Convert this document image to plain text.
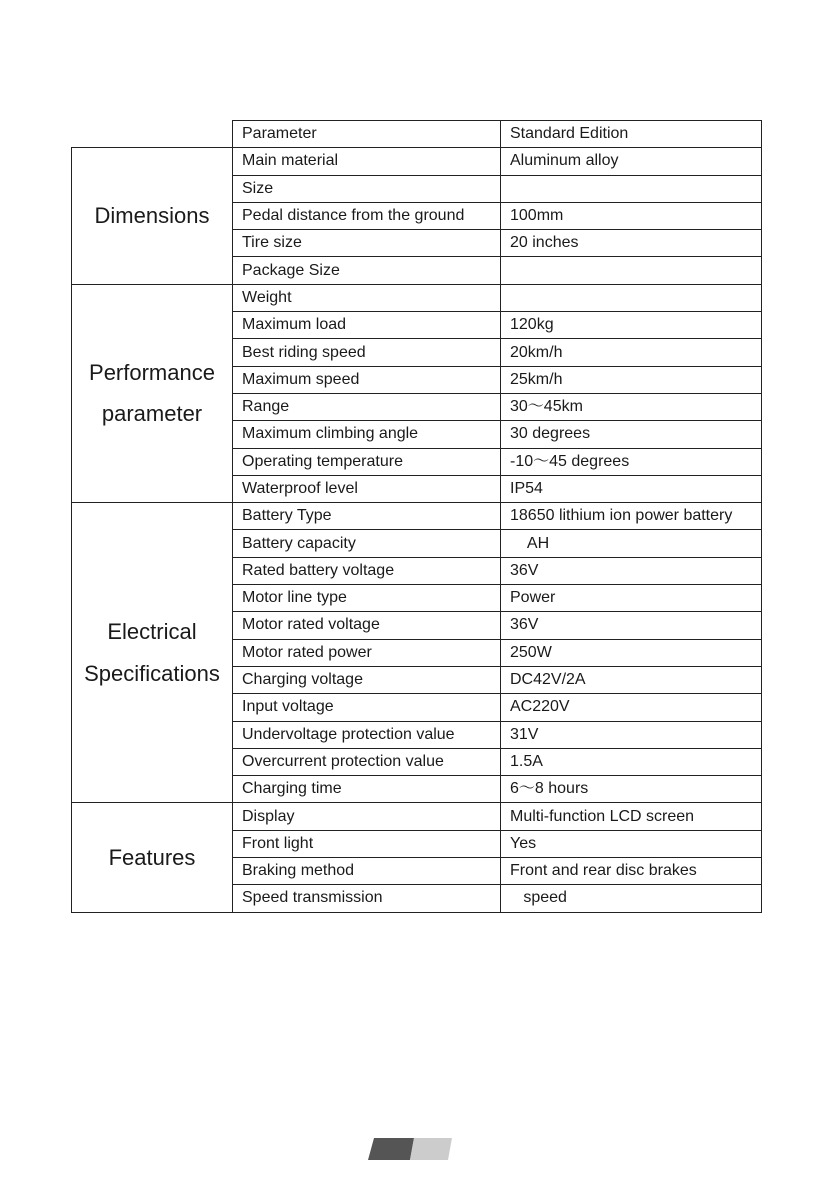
	Parameter	Standard Edition

Dimensions	Main material	Aluminum alloy
	Size	
	Pedal distance from the ground	100mm
	Tire size	20 inches
	Package Size	

Performance
parameter	Weight	
	Maximum load	120kg
	Best riding speed	20km/h
	Maximum speed	25km/h
	Range	30～45km
	Maximum climbing angle	30 degrees
	Operating temperature	-10～45 degrees
	Waterproof level	IP54

Electrical
Specifications	Battery Type	18650 lithium ion power battery
	Battery capacity	AH
	Rated battery voltage	36V
	Motor line type	Power
	Motor rated voltage	36V
	Motor rated power	250W
	Charging voltage	DC42V/2A
	Input voltage	AC220V
	Undervoltage protection value	31V
	Overcurrent protection value	1.5A
	Charging time	6～8 hours

Features	Display	Multi-function LCD screen
	Front light	Yes
	Braking method	Front and rear disc brakes
	Speed transmission	speed
